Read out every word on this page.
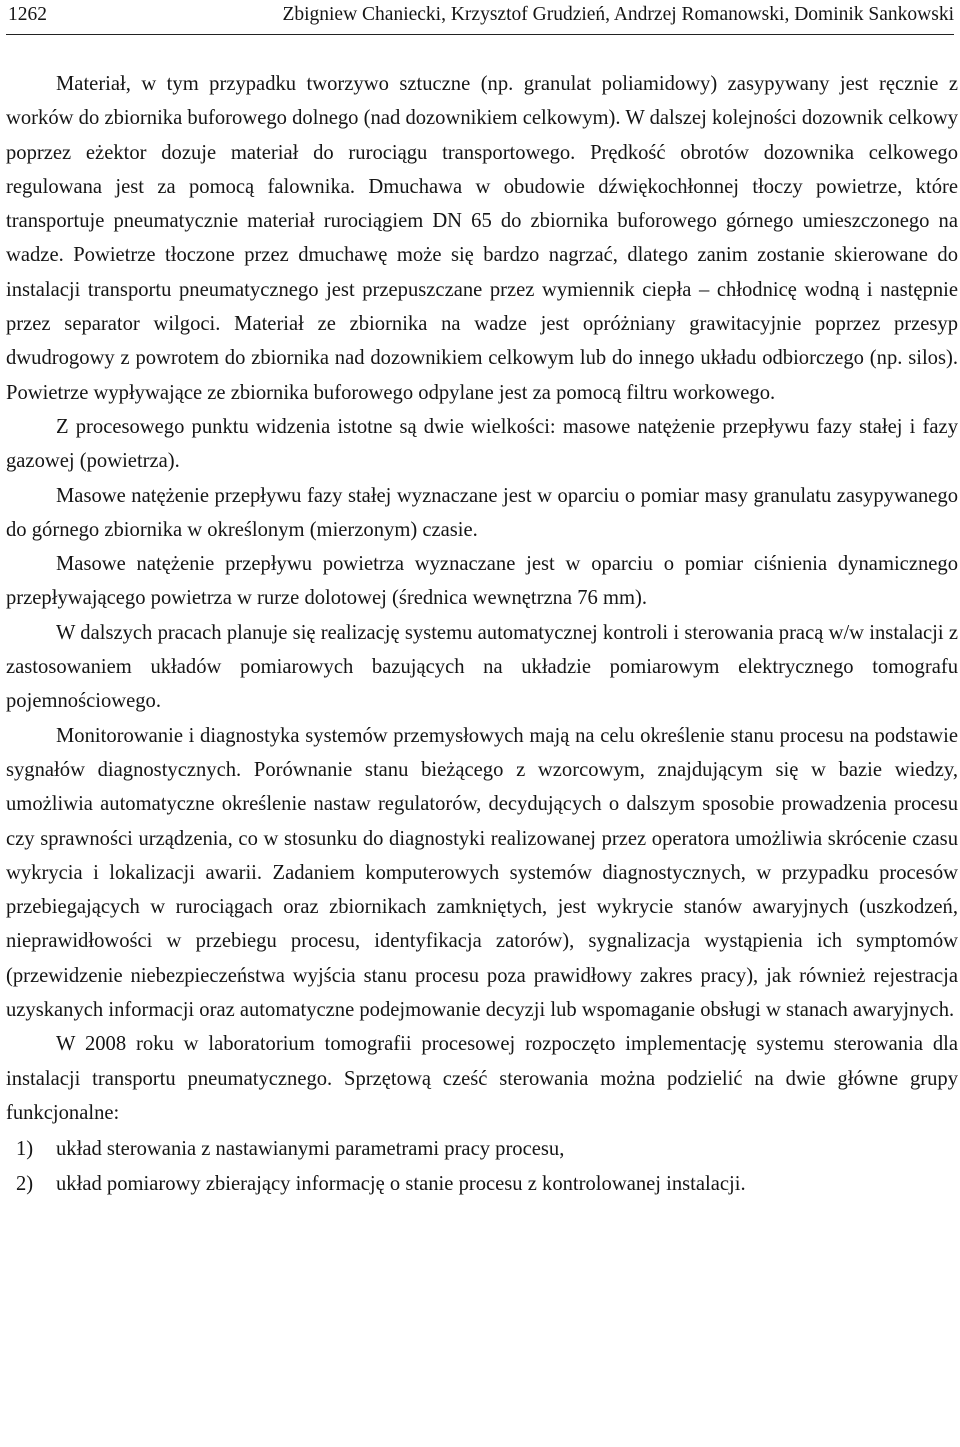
1262	Zbigniew Chaniecki, Krzysztof Grudzień, Andrzej Romanowski, Dominik Sankowski

Materiał, w tym przypadku tworzywo sztuczne (np. granulat poliamidowy) zasypywany jest ręcznie z worków do zbiornika buforowego dolnego (nad dozownikiem celkowym). W dalszej kolejności dozownik celkowy poprzez eżektor dozuje materiał do rurociągu transportowego. Prędkość obrotów dozownika celkowego regulowana jest za pomocą falownika. Dmuchawa w obudowie dźwiękochłonnej tłoczy powietrze, które transportuje pneumatycznie materiał rurociągiem DN 65 do zbiornika buforowego górnego umieszczonego na wadze. Powietrze tłoczone przez dmuchawę może się bardzo nagrzać, dlatego zanim zostanie skierowane do instalacji transportu pneumatycznego jest przepuszczane przez wymiennik ciepła – chłodnicę wodną i następnie przez separator wilgoci. Materiał ze zbiornika na wadze jest opróżniany grawitacyjnie poprzez przesyp dwudrogowy z powrotem do zbiornika nad dozownikiem celkowym lub do innego układu odbiorczego (np. silos). Powietrze wypływające ze zbiornika buforowego odpylane jest za pomocą filtru workowego.

Z procesowego punktu widzenia istotne są dwie wielkości: masowe natężenie przepływu fazy stałej i fazy gazowej (powietrza).

Masowe natężenie przepływu fazy stałej wyznaczane jest w oparciu o pomiar masy granulatu zasypywanego do górnego zbiornika w określonym (mierzonym) czasie.

Masowe natężenie przepływu powietrza wyznaczane jest w oparciu o pomiar ciśnienia dynamicznego przepływającego powietrza w rurze dolotowej (średnica wewnętrzna 76 mm).

W dalszych pracach planuje się realizację systemu automatycznej kontroli i sterowania pracą w/w instalacji z zastosowaniem układów pomiarowych bazujących na układzie pomiarowym elektrycznego tomografu pojemnościowego.

Monitorowanie i diagnostyka systemów przemysłowych mają na celu określenie stanu procesu na podstawie sygnałów diagnostycznych. Porównanie stanu bieżącego z wzorcowym, znajdującym się w bazie wiedzy, umożliwia automatyczne określenie nastaw regulatorów, decydujących o dalszym sposobie prowadzenia procesu czy sprawności urządzenia, co w stosunku do diagnostyki realizowanej przez operatora umożliwia skrócenie czasu wykrycia i lokalizacji awarii. Zadaniem komputerowych systemów diagnostycznych, w przypadku procesów przebiegających w rurociągach oraz zbiornikach zamkniętych, jest wykrycie stanów awaryjnych (uszkodzeń, nieprawidłowości w przebiegu procesu, identyfikacja zatorów), sygnalizacja wystąpienia ich symptomów (przewidzenie niebezpieczeństwa wyjścia stanu procesu poza prawidłowy zakres pracy), jak również rejestracja uzyskanych informacji oraz automatyczne podejmowanie decyzji lub wspomaganie obsługi w stanach awaryjnych.

W 2008 roku w laboratorium tomografii procesowej rozpoczęto implementację systemu sterowania dla instalacji transportu pneumatycznego. Sprzętową cześć sterowania można podzielić na dwie główne grupy funkcjonalne:

1) układ sterowania z nastawianymi parametrami pracy procesu,
2) układ pomiarowy zbierający informację o stanie procesu z kontrolowanej instalacji.
